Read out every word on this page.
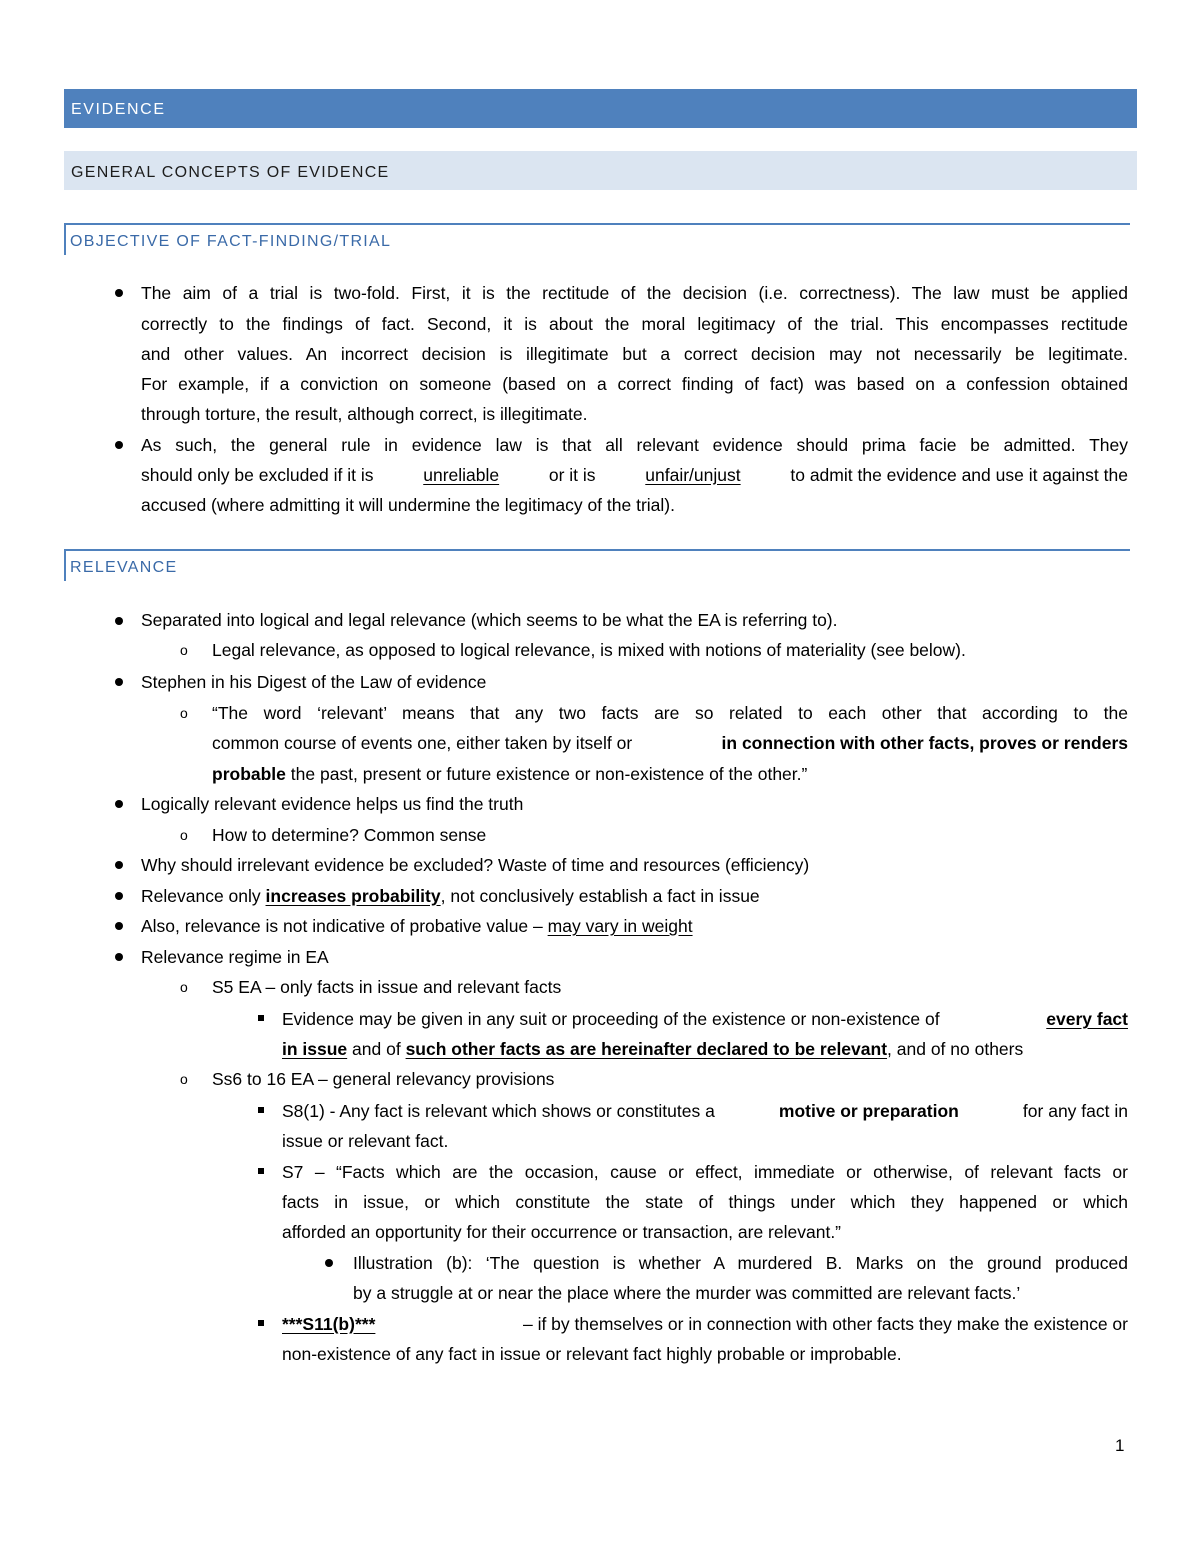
EVIDENCE
GENERAL CONCEPTS OF EVIDENCE
OBJECTIVE OF FACT-FINDING/TRIAL
The aim of a trial is two-fold. First, it is the rectitude of the decision (i.e. correctness). The law must be applied
correctly to the findings of fact. Second, it is about the moral legitimacy of the trial. This encompasses rectitude
and other values. An incorrect decision is illegitimate but a correct decision may not necessarily be legitimate.
For example, if a conviction on someone (based on a correct finding of fact) was based on a confession obtained
through torture, the result, although correct, is illegitimate.
As such, the general rule in evidence law is that all relevant evidence should prima facie be admitted. They
should only be excluded if it is	unreliable	or it is	unfair/unjust	to admit the evidence and use it against the
accused (where admitting it will undermine the legitimacy of the trial).
RELEVANCE
Separated into logical and legal relevance (which seems to be what the EA is referring to).
o Legal relevance, as opposed to logical relevance, is mixed with notions of materiality (see below).
Stephen in his Digest of the Law of evidence
o “The word ‘relevant’ means that any two facts are so related to each other that according to the
common course of events one, either taken by itself or	in connection with other facts, proves or renders
probable the past, present or future existence or non-existence of the other.”
Logically relevant evidence helps us find the truth
o How to determine? Common sense
Why should irrelevant evidence be excluded? Waste of time and resources (efficiency)
Relevance only increases probability, not conclusively establish a fact in issue
Also, relevance is not indicative of probative value – may vary in weight
Relevance regime in EA
o S5 EA – only facts in issue and relevant facts
Evidence may be given in any suit or proceeding of the existence or non-existence of	every fact
in issue and of such other facts as are hereinafter declared to be relevant, and of no others
o Ss6 to 16 EA – general relevancy provisions
S8(1) - Any fact is relevant which shows or constitutes a	motive or preparation	for any fact in
issue or relevant fact.
S7 – “Facts which are the occasion, cause or effect, immediate or otherwise, of relevant facts or
facts in issue, or which constitute the state of things under which they happened or which
afforded an opportunity for their occurrence or transaction, are relevant.”
Illustration (b): ‘The question is whether A murdered B. Marks on the ground produced
by a struggle at or near the place where the murder was committed are relevant facts.’
***S11(b)***	– if by themselves or in connection with other facts they make the existence or
non-existence of any fact in issue or relevant fact highly probable or improbable.
1
